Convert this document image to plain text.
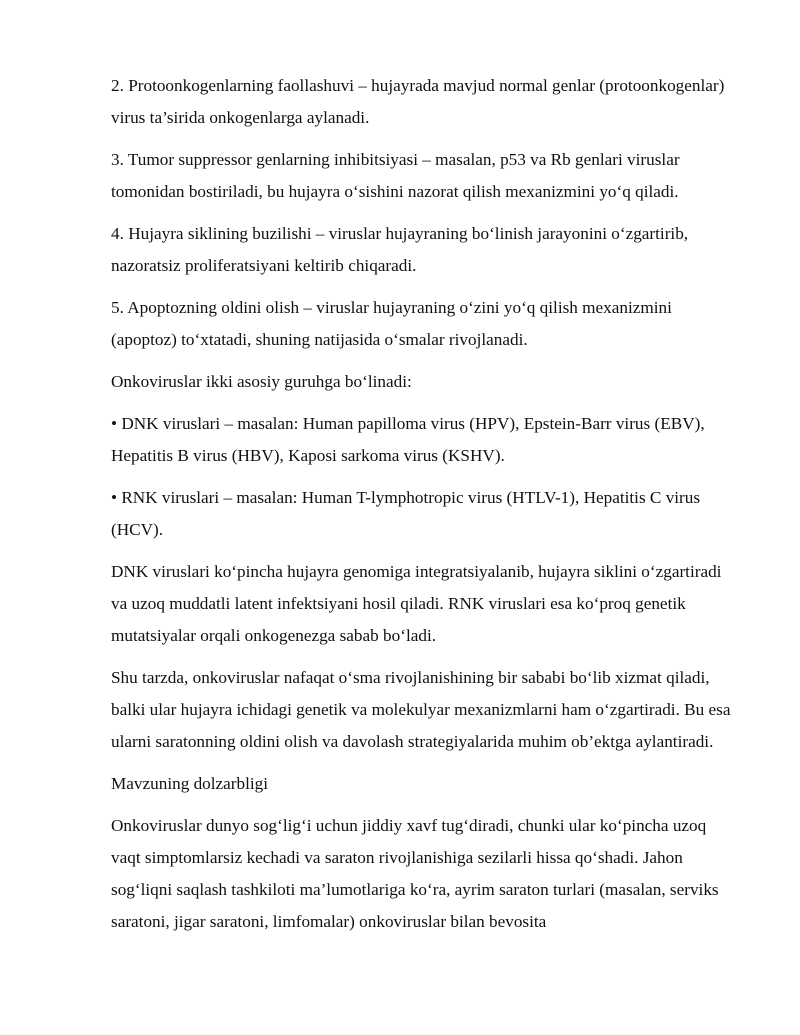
2. Protoonkogenlarning faollashuvi – hujayrada mavjud normal genlar (protoonkogenlar) virus ta’sirida onkogenlarga aylanadi.

3. Tumor suppressor genlarning inhibitsiyasi – masalan, p53 va Rb genlari viruslar tomonidan bostiriladi, bu hujayra o‘sishini nazorat qilish mexanizmini yo‘q qiladi.

4. Hujayra siklining buzilishi – viruslar hujayraning bo‘linish jarayonini o‘zgartirib, nazoratsiz proliferatsiyani keltirib chiqaradi.

5. Apoptozning oldini olish – viruslar hujayraning o‘zini yo‘q qilish mexanizmini (apoptoz) to‘xtatadi, shuning natijasida o‘smalar rivojlanadi.

Onkoviruslar ikki asosiy guruhga bo‘linadi:

• DNK viruslari – masalan: Human papilloma virus (HPV), Epstein-Barr virus (EBV), Hepatitis B virus (HBV), Kaposi sarkoma virus (KSHV).

• RNK viruslari – masalan: Human T-lymphotropic virus (HTLV-1), Hepatitis C virus (HCV).

DNK viruslari ko‘pincha hujayra genomiga integratsiyalanib, hujayra siklini o‘zgartiradi va uzoq muddatli latent infektsiyani hosil qiladi. RNK viruslari esa ko‘proq genetik mutatsiyalar orqali onkogenezga sabab bo‘ladi.

Shu tarzda, onkoviruslar nafaqat o‘sma rivojlanishining bir sababi bo‘lib xizmat qiladi, balki ular hujayra ichidagi genetik va molekulyar mexanizmlarni ham o‘zgartiradi. Bu esa ularni saratonning oldini olish va davolash strategiyalarida muhim ob’ektga aylantiradi.

Mavzuning dolzarbligi

Onkoviruslar dunyo sog‘lig‘i uchun jiddiy xavf tug‘diradi, chunki ular ko‘pincha uzoq vaqt simptomlarsiz kechadi va saraton rivojlanishiga sezilarli hissa qo‘shadi. Jahon sog‘liqni saqlash tashkiloti ma’lumotlariga ko‘ra, ayrim saraton turlari (masalan, serviks saratoni, jigar saratoni, limfomalar) onkoviruslar bilan bevosita
